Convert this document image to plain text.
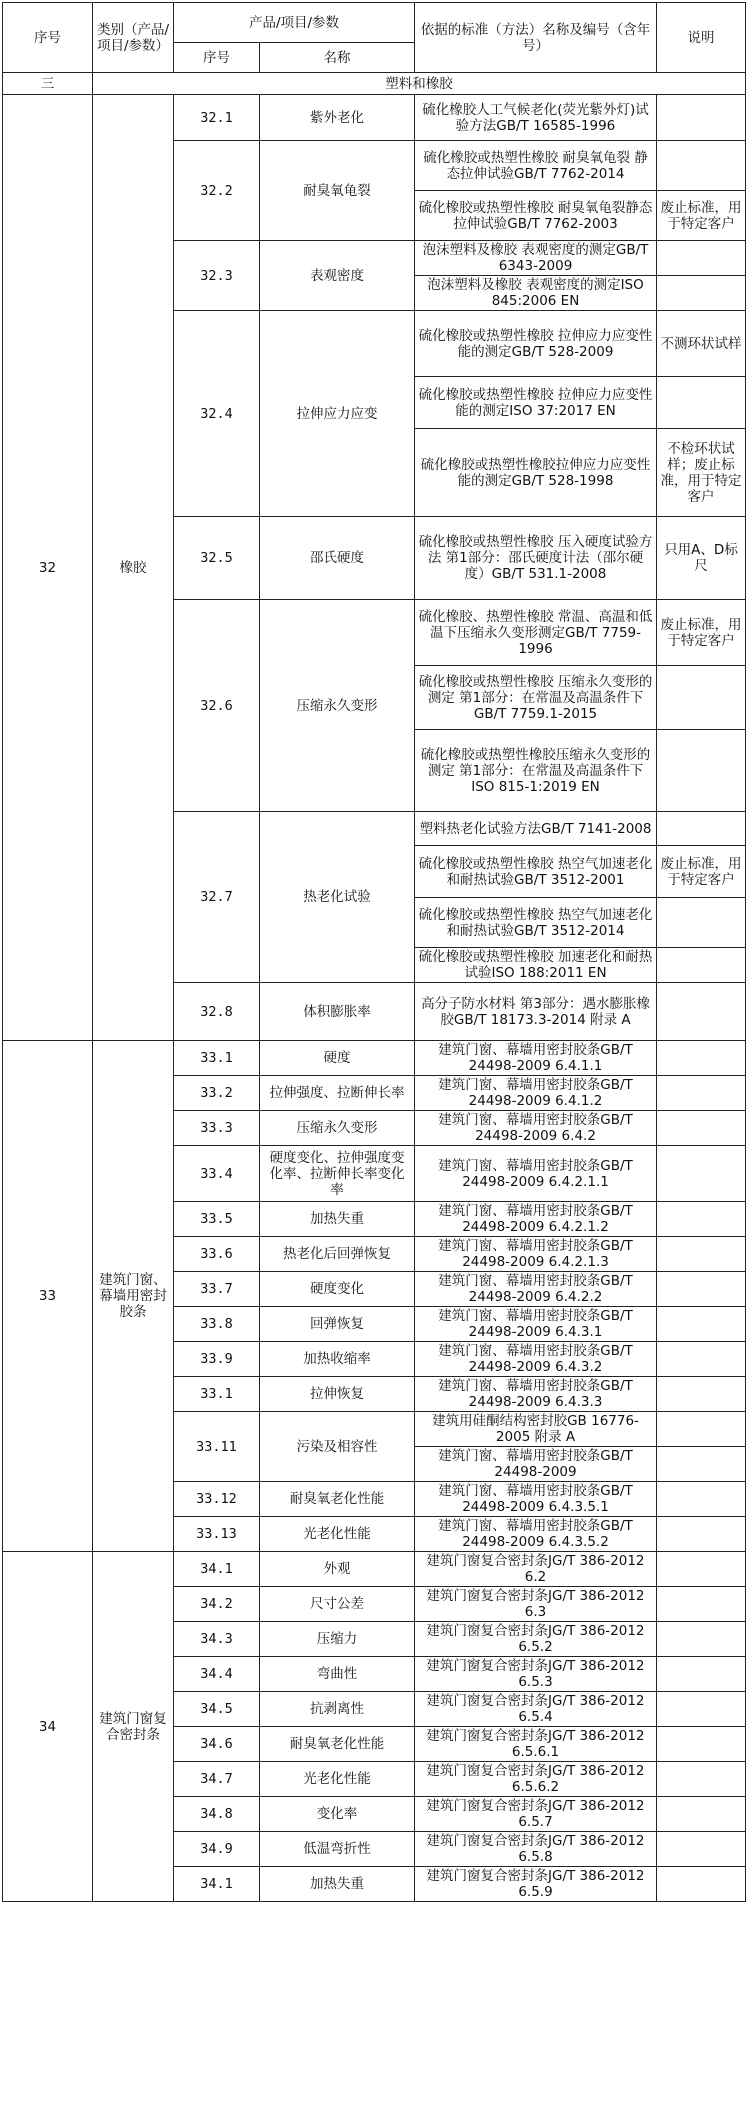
序号	类别（产品/项目/参数）	产品/项目/参数		依据的标准（方法）名称及编号（含年号）	说明
		序号	名称		
三	塑料和橡胶				
32	橡胶	32.1	紫外老化	硫化橡胶人工气候老化(荧光紫外灯)试验方法GB/T 16585-1996	
		32.2	耐臭氧龟裂	硫化橡胶或热塑性橡胶 耐臭氧龟裂 静态拉伸试验GB/T 7762-2014	
				硫化橡胶或热塑性橡胶 耐臭氧龟裂静态拉伸试验GB/T 7762-2003	废止标准，用于特定客户
		32.3	表观密度	泡沫塑料及橡胶 表观密度的测定GB/T 6343-2009	
				泡沫塑料及橡胶 表观密度的测定ISO 845:2006 EN	
		32.4	拉伸应力应变	硫化橡胶或热塑性橡胶 拉伸应力应变性能的测定GB/T 528-2009	不测环状试样
				硫化橡胶或热塑性橡胶 拉伸应力应变性能的测定ISO 37:2017 EN	
				硫化橡胶或热塑性橡胶拉伸应力应变性能的测定GB/T 528-1998	不检环状试样；废止标准，用于特定客户
		32.5	邵氏硬度	硫化橡胶或热塑性橡胶 压入硬度试验方法 第1部分：邵氏硬度计法（邵尔硬度）GB/T 531.1-2008	只用A、D标尺
		32.6	压缩永久变形	硫化橡胶、热塑性橡胶 常温、高温和低温下压缩永久变形测定GB/T 7759-1996	废止标准，用于特定客户
				硫化橡胶或热塑性橡胶 压缩永久变形的测定 第1部分：在常温及高温条件下GB/T 7759.1-2015	
				硫化橡胶或热塑性橡胶压缩永久变形的测定 第1部分：在常温及高温条件下ISO 815-1:2019 EN	
		32.7	热老化试验	塑料热老化试验方法GB/T 7141-2008	
				硫化橡胶或热塑性橡胶 热空气加速老化和耐热试验GB/T 3512-2001	废止标准，用于特定客户
				硫化橡胶或热塑性橡胶 热空气加速老化和耐热试验GB/T 3512-2014	
				硫化橡胶或热塑性橡胶 加速老化和耐热试验ISO 188:2011 EN	
		32.8	体积膨胀率	高分子防水材料 第3部分：遇水膨胀橡胶GB/T 18173.3-2014 附录 A	
33	建筑门窗、幕墙用密封胶条	33.1	硬度	建筑门窗、幕墙用密封胶条GB/T 24498-2009 6.4.1.1	
		33.2	拉伸强度、拉断伸长率	建筑门窗、幕墙用密封胶条GB/T 24498-2009 6.4.1.2	
		33.3	压缩永久变形	建筑门窗、幕墙用密封胶条GB/T 24498-2009 6.4.2	
		33.4	硬度变化、拉伸强度变化率、拉断伸长率变化率	建筑门窗、幕墙用密封胶条GB/T 24498-2009 6.4.2.1.1	
		33.5	加热失重	建筑门窗、幕墙用密封胶条GB/T 24498-2009 6.4.2.1.2	
		33.6	热老化后回弹恢复	建筑门窗、幕墙用密封胶条GB/T 24498-2009 6.4.2.1.3	
		33.7	硬度变化	建筑门窗、幕墙用密封胶条GB/T 24498-2009 6.4.2.2	
		33.8	回弹恢复	建筑门窗、幕墙用密封胶条GB/T 24498-2009 6.4.3.1	
		33.9	加热收缩率	建筑门窗、幕墙用密封胶条GB/T 24498-2009 6.4.3.2	
		33.1	拉伸恢复	建筑门窗、幕墙用密封胶条GB/T 24498-2009 6.4.3.3	
		33.11	污染及相容性	建筑用硅酮结构密封胶GB 16776-2005 附录 A	
				建筑门窗、幕墙用密封胶条GB/T 24498-2009	
		33.12	耐臭氧老化性能	建筑门窗、幕墙用密封胶条GB/T 24498-2009 6.4.3.5.1	
		33.13	光老化性能	建筑门窗、幕墙用密封胶条GB/T 24498-2009 6.4.3.5.2	
34	建筑门窗复合密封条	34.1	外观	建筑门窗复合密封条JG/T 386-2012 6.2	
		34.2	尺寸公差	建筑门窗复合密封条JG/T 386-2012 6.3	
		34.3	压缩力	建筑门窗复合密封条JG/T 386-2012 6.5.2	
		34.4	弯曲性	建筑门窗复合密封条JG/T 386-2012 6.5.3	
		34.5	抗剥离性	建筑门窗复合密封条JG/T 386-2012 6.5.4	
		34.6	耐臭氧老化性能	建筑门窗复合密封条JG/T 386-2012 6.5.6.1	
		34.7	光老化性能	建筑门窗复合密封条JG/T 386-2012 6.5.6.2	
		34.8	变化率	建筑门窗复合密封条JG/T 386-2012 6.5.7	
		34.9	低温弯折性	建筑门窗复合密封条JG/T 386-2012 6.5.8	
		34.1	加热失重	建筑门窗复合密封条JG/T 386-2012 6.5.9	
